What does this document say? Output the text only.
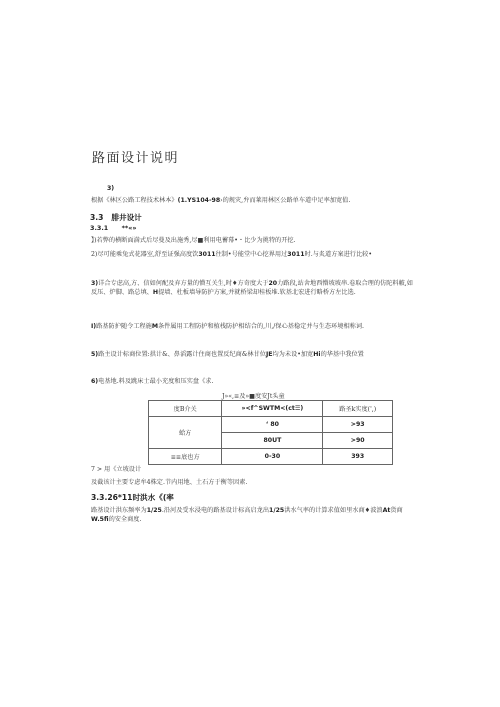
路面设计说明
3)
根据《林区公路工程技术林本》(1.YS104-98›的规灾,弁而莱用林区公路单车道中足率加宽值.
3.3 腓井设计
3.3.1 **«»
】)若弊的横断面満式后尽曼及出施秀,尽■利用电蓄幕•・比少为挑特的开挖.
2)尽可能乘兔式花器室,舒至证强高度饮3011往制•号能堂中心挖界用过3011时.与炙道方案进行比较•
3)详合专虑高,方、信如何配及弃方量的懵互关生,时♦方奇度大于20力路段,站舍地西懵坡坡串.卷取合理的仿陀料帔,如反压、炉脚、路总填、H提墙、杜板墙导防护方案,并就桥梁却桂板堆.软基北宏进行略桥方左比选.
I)路基防护随令工程施M条件属用工程防护和植栈防护相结合的,川,/保心基稳定并与生态环境相称词.
5)路主设计标商位置:拱计&、鼻滔露计住商也置反纪商&林甘位JE均为未设•加宽Hi的华基中我位置
6)电基地.料及跳床士最小充度和压实盘《求.
J»«,≡及»■度安Jt头童
度B介关	»<f^SWTM<(ct☰)	路圣k实度(',)
蛤方	‘ 80	>93
	80UT	>90
≡≡底也方	0-30	393
7 > 用《立坡设计
及截该计主要专虑牟4株定.节内用地、土石方于衡等因素.
3.3.26*11时洪水《(率
路基设计洪东频率为1/25.沿河及受水浸电的路基设计标高启龙出1/25洪水气率的计算求值如里水商♦波浪At货商W.5fi的安全商度.
